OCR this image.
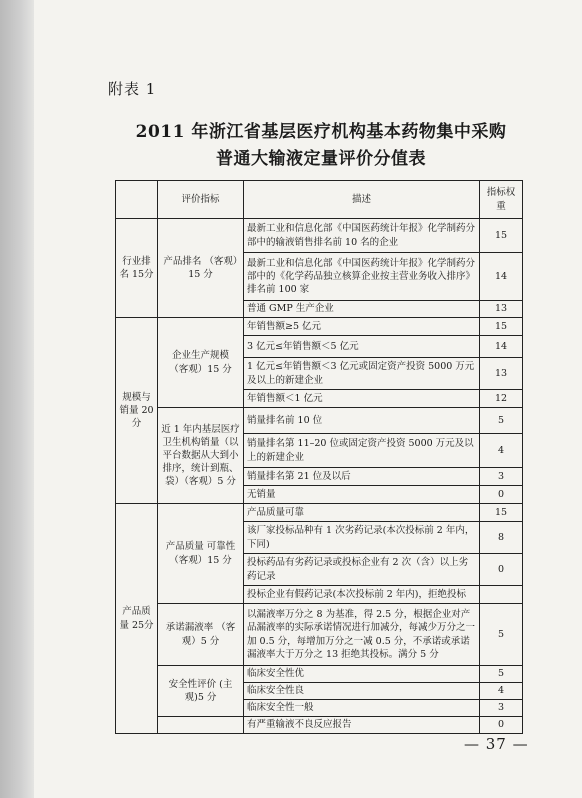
附表 1
2011 年浙江省基层医疗机构基本药物集中采购
普通大输液定量评价分值表
	评价指标	描述	指标权重
行业排名 15分	产品排名 （客观）15 分	最新工业和信息化部《中国医药统计年报》化学制药分部中的输液销售排名前 10 名的企业	15
		最新工业和信息化部《中国医药统计年报》化学制药分部中的《化学药品独立核算企业按主营业务收入排序》排名前 100 家	14
		普通 GMP 生产企业	13
规模与 销量 20分	企业生产规模 （客观）15 分	年销售额≥5 亿元	15
		3 亿元≤年销售额＜5 亿元	14
		1 亿元≤年销售额＜3 亿元或固定资产投资 5000 万元及以上的新建企业	13
		年销售额＜1 亿元	12
	近 1 年内基层医疗卫生机构销量（以平台数据从大到小排序，统计到瓶、袋）（客观）5 分	销量排名前 10 位	5
		销量排名第 11–20 位或固定资产投资 5000 万元及以上的新建企业	4
		销量排名第 21 位及以后	3
		无销量	0
产品质量 25分	产品质量 可靠性 （客观）15 分	产品质量可靠	15
		该厂家投标品种有 1 次劣药记录(本次投标前 2 年内，下同)	8
		投标药品有劣药记录或投标企业有 2 次（含）以上劣药记录	0
		投标企业有假药记录(本次投标前 2 年内)，拒绝投标	
	承诺漏液率 （客观）5 分	以漏液率万分之 8 为基准，得 2.5 分，根据企业对产品漏液率的实际承诺情况进行加减分，每减少万分之一加 0.5 分，每增加万分之一减 0.5 分，不承诺或承诺漏液率大于万分之 13 拒绝其投标。满分 5 分	5
	安全性评价 (主观)5 分	临床安全性优	5
		临床安全性良	4
		临床安全性一般	3
		有严重输液不良反应报告	0
— 37 —
